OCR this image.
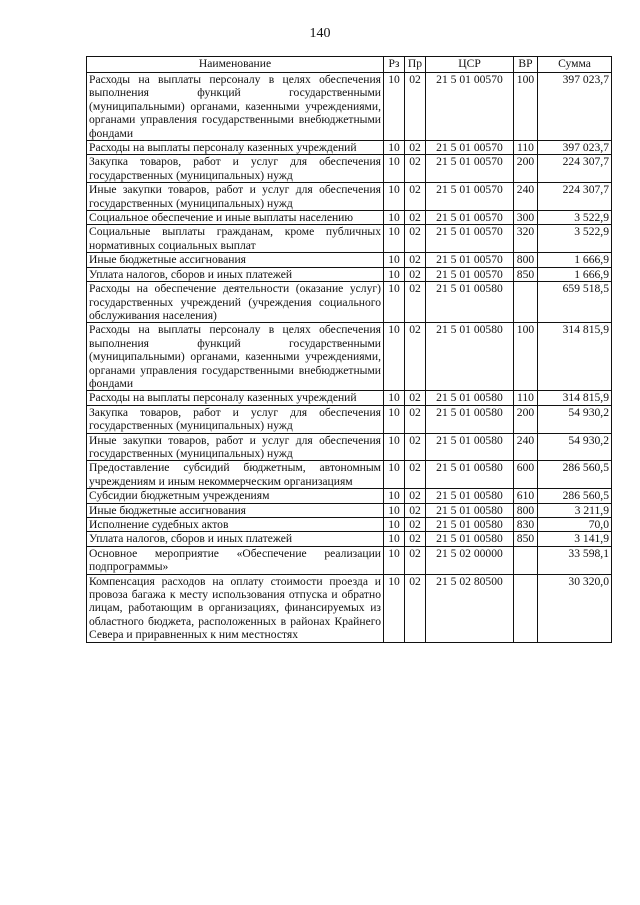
140
Наименование	Рз	Пр	ЦСР	ВР	Сумма
Расходы на выплаты персоналу в целях обеспечения выполнения функций государственными (муниципальными) органами, казенными учреждениями, органами управления государственными внебюджетными фондами	10	02	21 5 01 00570	100	397 023,7
Расходы на выплаты персоналу казенных учреждений	10	02	21 5 01 00570	110	397 023,7
Закупка товаров, работ и услуг для обеспечения государственных (муниципальных) нужд	10	02	21 5 01 00570	200	224 307,7
Иные закупки товаров, работ и услуг для обеспечения государственных (муниципальных) нужд	10	02	21 5 01 00570	240	224 307,7
Социальное обеспечение и иные выплаты населению	10	02	21 5 01 00570	300	3 522,9
Социальные выплаты гражданам, кроме публичных нормативных социальных выплат	10	02	21 5 01 00570	320	3 522,9
Иные бюджетные ассигнования	10	02	21 5 01 00570	800	1 666,9
Уплата налогов, сборов и иных платежей	10	02	21 5 01 00570	850	1 666,9
Расходы на обеспечение деятельности (оказание услуг) государственных учреждений (учреждения социального обслуживания населения)	10	02	21 5 01 00580		659 518,5
Расходы на выплаты персоналу в целях обеспечения выполнения функций государственными (муниципальными) органами, казенными учреждениями, органами управления государственными внебюджетными фондами	10	02	21 5 01 00580	100	314 815,9
Расходы на выплаты персоналу казенных учреждений	10	02	21 5 01 00580	110	314 815,9
Закупка товаров, работ и услуг для обеспечения государственных (муниципальных) нужд	10	02	21 5 01 00580	200	54 930,2
Иные закупки товаров, работ и услуг для обеспечения государственных (муниципальных) нужд	10	02	21 5 01 00580	240	54 930,2
Предоставление субсидий бюджетным, автономным учреждениям и иным некоммерческим организациям	10	02	21 5 01 00580	600	286 560,5
Субсидии бюджетным учреждениям	10	02	21 5 01 00580	610	286 560,5
Иные бюджетные ассигнования	10	02	21 5 01 00580	800	3 211,9
Исполнение судебных актов	10	02	21 5 01 00580	830	70,0
Уплата налогов, сборов и иных платежей	10	02	21 5 01 00580	850	3 141,9
Основное мероприятие «Обеспечение реализации подпрограммы»	10	02	21 5 02 00000		33 598,1
Компенсация расходов на оплату стоимости проезда и провоза багажа к месту использования отпуска и обратно лицам, работающим в организациях, финансируемых из областного бюджета, расположенных в районах Крайнего Севера и приравненных к ним местностях	10	02	21 5 02 80500		30 320,0
